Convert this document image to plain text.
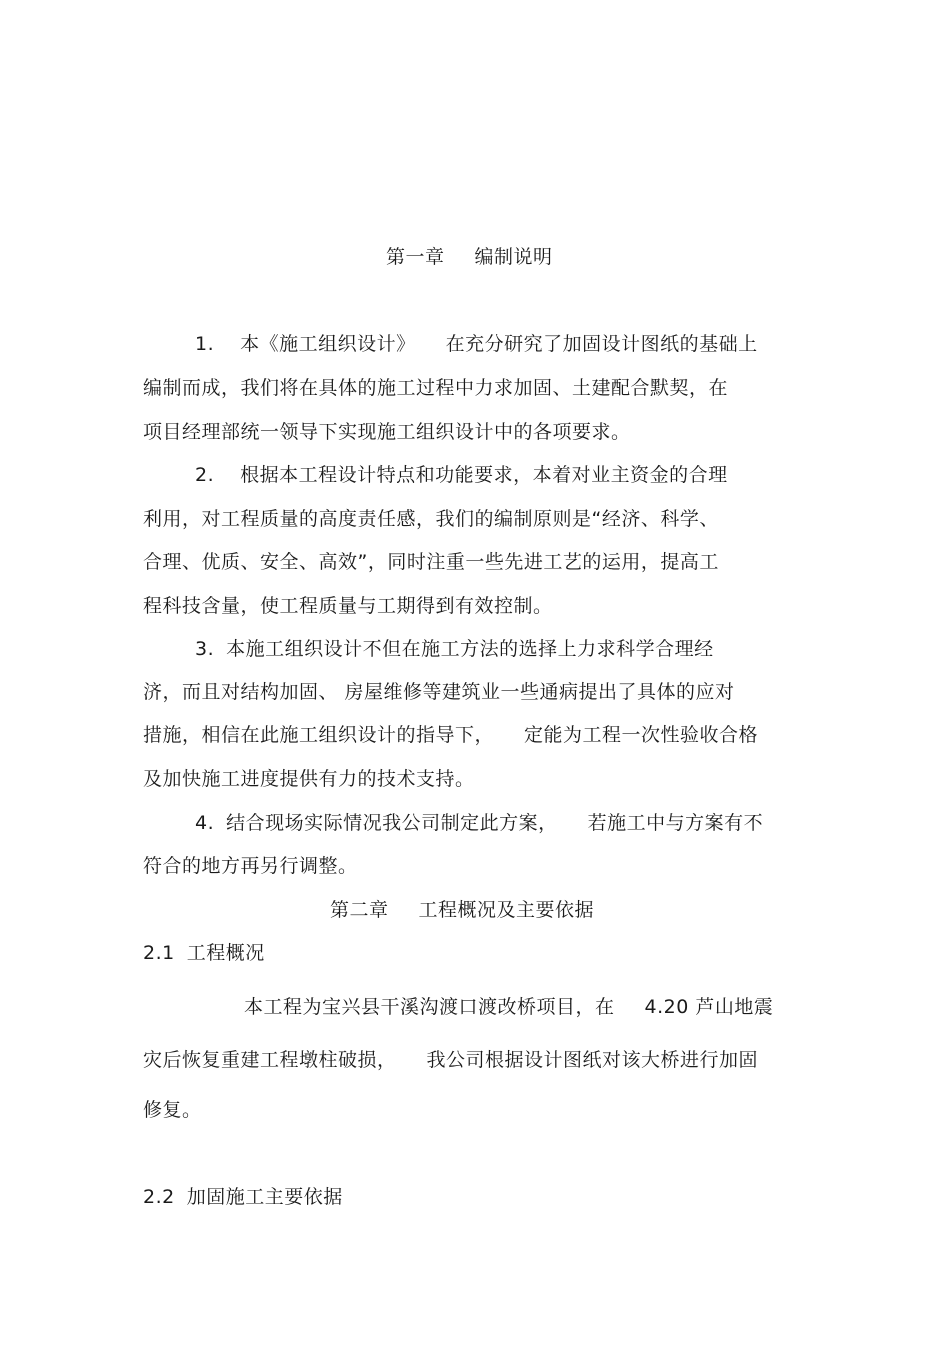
第一章 编制说明
1. 本《施工组织设计》 在充分研究了加固设计图纸的基础上
编制而成，我们将在具体的施工过程中力求加固、土建配合默契，在
项目经理部统一领导下实现施工组织设计中的各项要求。
2. 根据本工程设计特点和功能要求，本着对业主资金的合理
利用，对工程质量的高度责任感，我们的编制原则是“经济、科学、
合理、优质、安全、高效”，同时注重一些先进工艺的运用，提高工
程科技含量，使工程质量与工期得到有效控制。
3. 本施工组织设计不但在施工方法的选择上力求科学合理经
济，而且对结构加固、 房屋维修等建筑业一些通病提出了具体的应对
措施，相信在此施工组织设计的指导下， 定能为工程一次性验收合格
及加快施工进度提供有力的技术支持。
4. 结合现场实际情况我公司制定此方案， 若施工中与方案有不
符合的地方再另行调整。
第二章 工程概况及主要依据
2.1 工程概况
本工程为宝兴县干溪沟渡口渡改桥项目，在 4.20 芦山地震
灾后恢复重建工程墩柱破损， 我公司根据设计图纸对该大桥进行加固
修复。
2.2 加固施工主要依据
